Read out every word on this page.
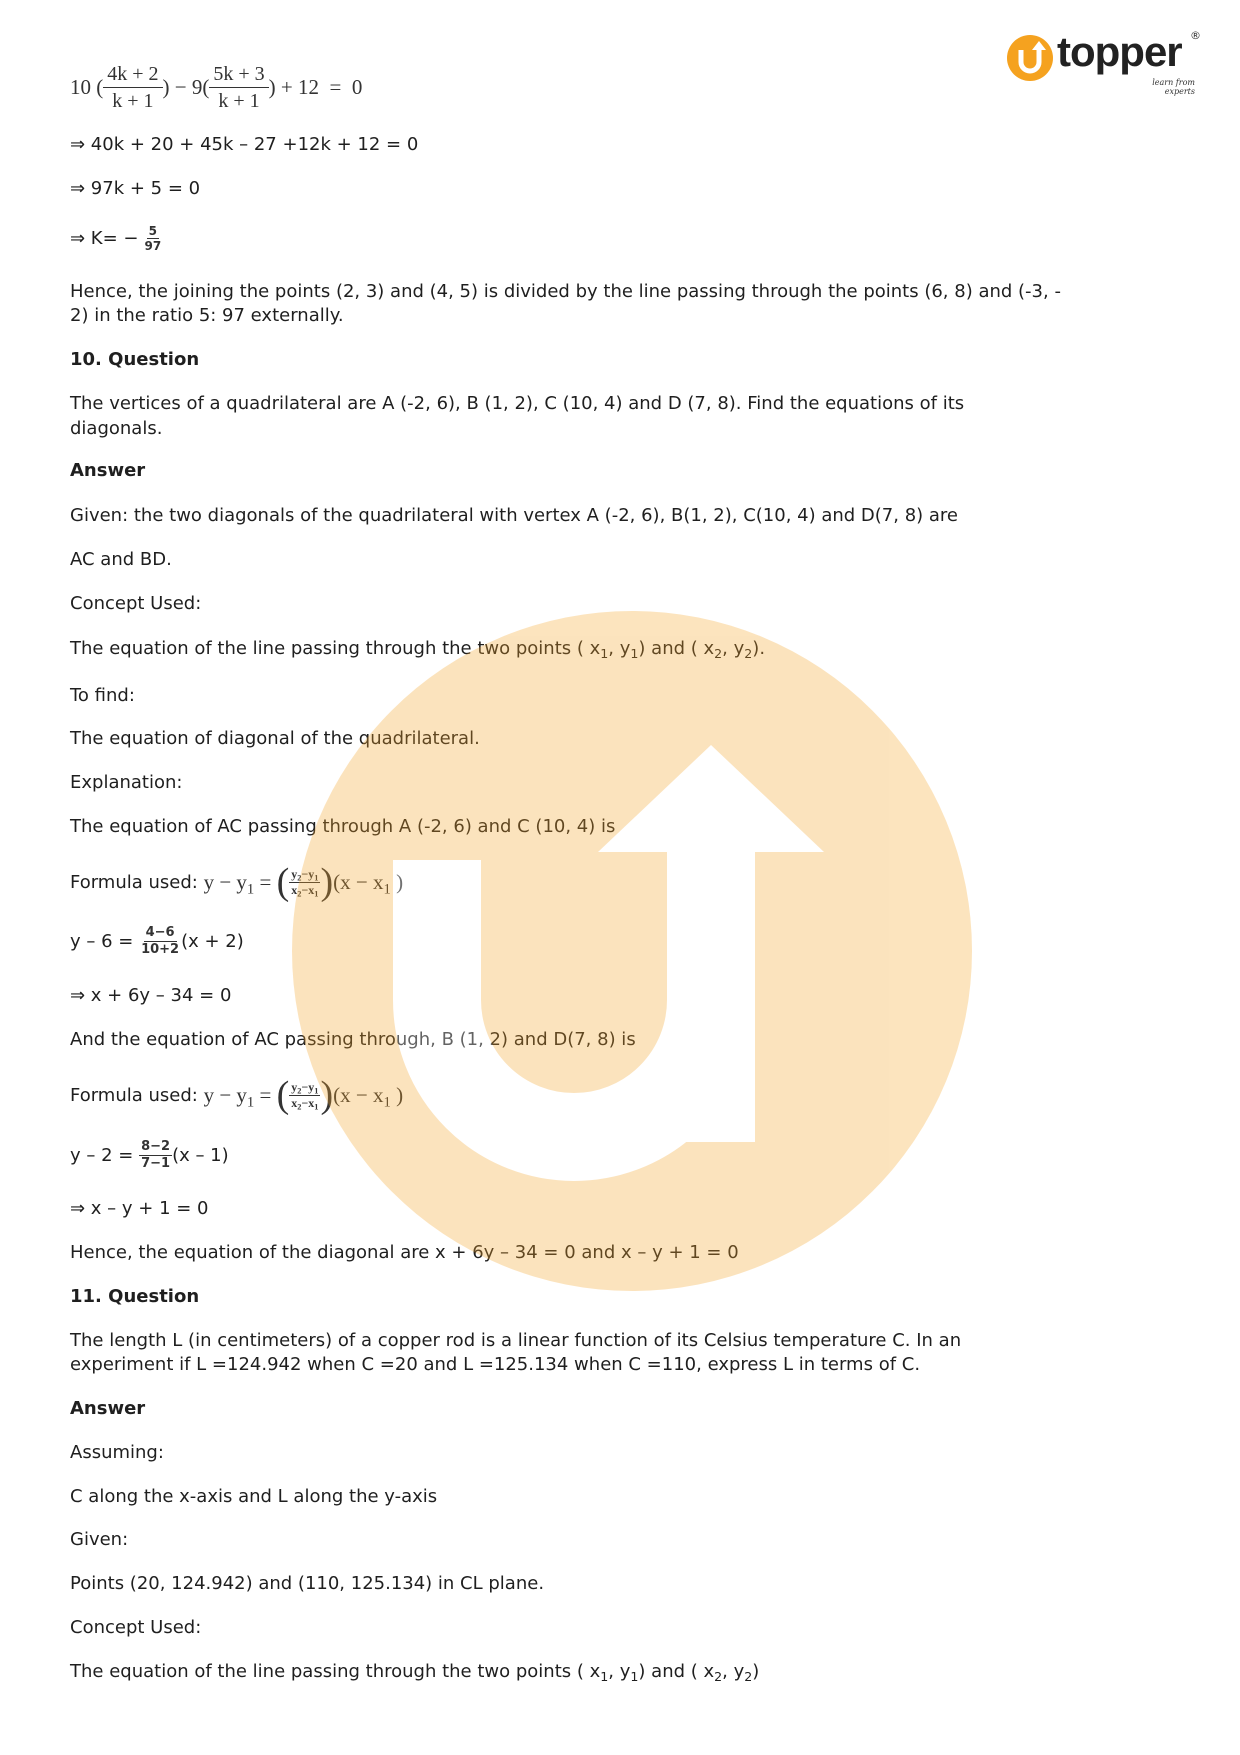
topper ®
learn from experts
10 ( $\frac{4k + 2}{k + 1}$ ) − $9( \frac{5k + 3}{k + 1}$ ) + 12  =  0
⇒ 40k + 20 + 45k – 27 +12k + 12 = 0
⇒ 97k + 5 = 0
⇒ $K= - \frac{5}{97}$
Hence, the joining the points (2, 3) and (4, 5) is divided by the line passing through the points (6, 8) and (-3, -
2) in the ratio 5: 97 externally.
10. Question
The vertices of a quadrilateral are A (-2, 6), B (1, 2), C (10, 4) and D (7, 8). Find the equations of its
diagonals.
Answer
Given: the two diagonals of the quadrilateral with vertex A (-2, 6), B(1, 2), C(10, 4) and D(7, 8) are
AC and BD.
Concept Used:
The equation of the line passing through the two points ( $x_1$, $y_1$) and ( $x_2$, $y_2$).
To find:
The equation of diagonal of the quadrilateral.
Explanation:
The equation of AC passing through A (-2, 6) and C (10, 4) is
Formula used: $y - y_1$ = ( $\frac{y_2-y_1}{x_2-x_1}$ ) ($x - x_1$ )
$y - 6 = \frac{4-6}{10+2} (x + 2)$
⇒ x + 6y – 34 = 0
And the equation of AC passing through, B (1, 2) and D(7, 8) is
Formula used: $y - y_1$ = ( $\frac{y_2-y_1}{x_2-x_1}$ ) ($x - x_1$ )
$y - 2 = \frac{8-2}{7-1} (x - 1)$
⇒ x – y + 1 = 0
Hence, the equation of the diagonal are x + 6y – 34 = 0 and x – y + 1 = 0
11. Question
The length L (in centimeters) of a copper rod is a linear function of its Celsius temperature C. In an
experiment if L =124.942 when C =20 and L =125.134 when C =110, express L in terms of C.
Answer
Assuming:
C along the x-axis and L along the y-axis
Given:
Points (20, 124.942) and (110, 125.134) in CL plane.
Concept Used:
The equation of the line passing through the two points ( $x_1$, $y_1$) and ( $x_2$, $y_2$)
